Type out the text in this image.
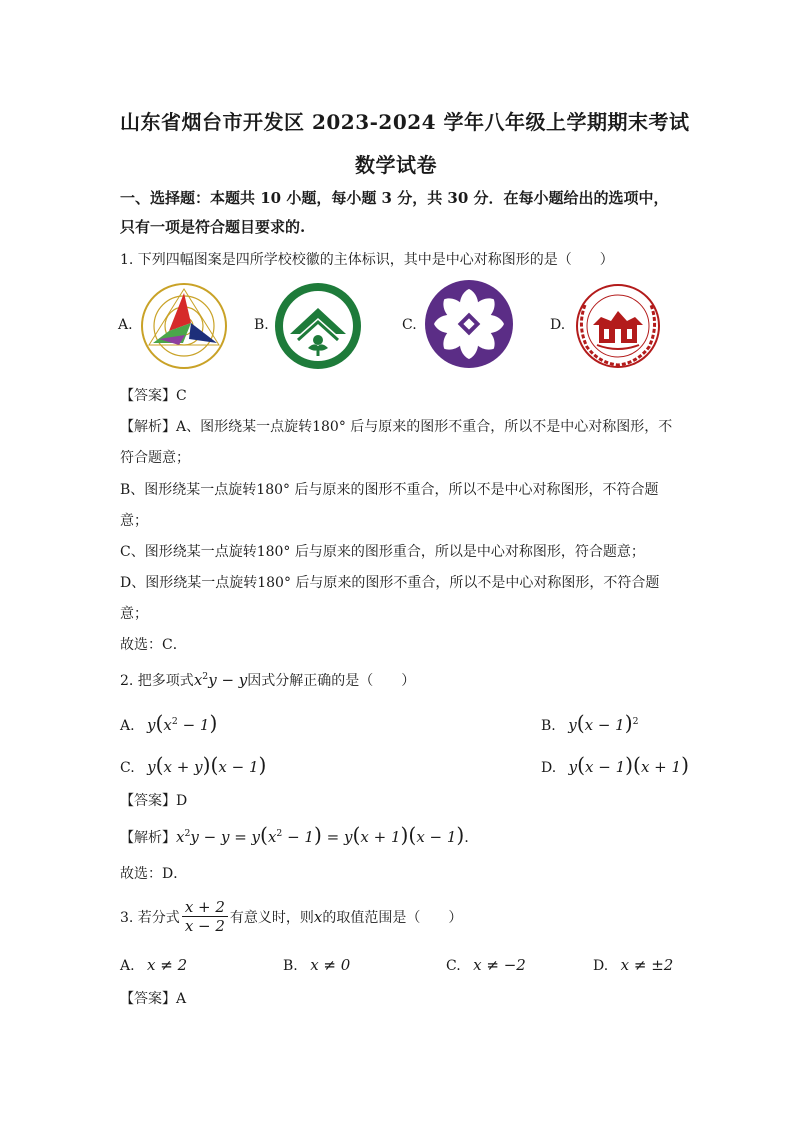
山东省烟台市开发区 2023-2024 学年八年级上学期期末考试
数学试卷
一、选择题：本题共 10 小题，每小题 3 分，共 30 分．在每小题给出的选项中，
只有一项是符合题目要求的.
1. 下列四幅图案是四所学校校徽的主体标识，其中是中心对称图形的是（　　）
A.	B.	C.	D.
【答案】C
【解析】A、图形绕某一点旋转180° 后与原来的图形不重合，所以不是中心对称图形，不
符合题意；
B、图形绕某一点旋转180° 后与原来的图形不重合，所以不是中心对称图形，不符合题
意；
C、图形绕某一点旋转180° 后与原来的图形重合，所以是中心对称图形，符合题意；
D、图形绕某一点旋转180° 后与原来的图形不重合，所以不是中心对称图形，不符合题
意；
故选：C．
2. 把多项式$x^2y - y$因式分解正确的是（　　）
A. $y(x^2 - 1)$	B. $y(x - 1)^2$
C. y(x + y)(x − 1)	D. y(x − 1)(x + 1)
【答案】D
【解析】$x^2y - y = y(x^2 - 1) = y(x + 1)(x - 1)$．
故选：D．
3. 若分式 $\frac{x + 2}{x - 2}$ 有意义时，则 x 的取值范围是（　　）
A. x ≠ 2	B. x ≠ 0	C. x ≠ −2	D. x ≠ ±2
【答案】A
